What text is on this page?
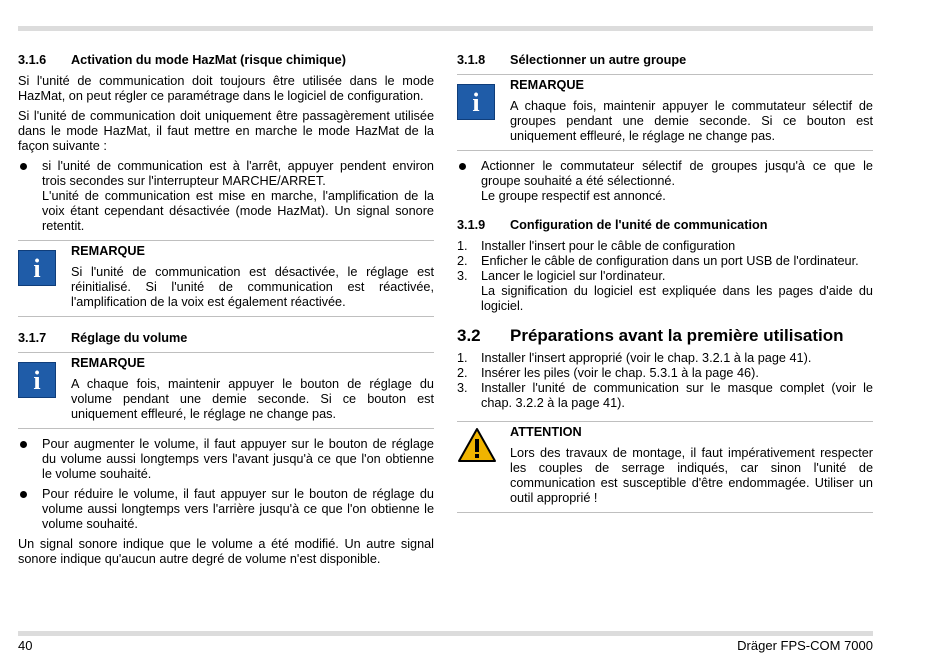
3.1.6	Activation du mode HazMat (risque chimique)

Si l'unité de communication doit toujours être utilisée dans le mode HazMat, on peut régler ce paramétrage dans le logiciel de configuration.

Si l'unité de communication doit uniquement être passagèrement utilisée dans le mode HazMat, il faut mettre en marche le mode HazMat de la façon suivante :

si l'unité de communication est à l'arrêt, appuyer pendent environ trois secondes sur l'interrupteur MARCHE/ARRET.
L'unité de communication est mise en marche, l'amplification de la voix étant cependant désactivée (mode HazMat). Un signal sonore retentit.
i
REMARQUE
Si l'unité de communication est désactivée, le réglage est réinitialisé. Si l'unité de communication est réactivée, l'amplification de la voix est également réactivée.
3.1.7	Réglage du volume
i
REMARQUE
A chaque fois, maintenir appuyer le bouton de réglage du volume pendant une demie seconde. Si ce bouton est uniquement effleuré, le réglage ne change pas.
Pour augmenter le volume, il faut appuyer sur le bouton de réglage du volume aussi longtemps vers l'avant jusqu'à ce que l'on obtienne le volume souhaité.
Pour réduire le volume, il faut appuyer sur le bouton de réglage du volume aussi longtemps vers l'arrière jusqu'à ce que l'on obtienne le volume souhaité.

Un signal sonore indique que le volume a été modifié. Un autre signal sonore indique qu'aucun autre degré de volume n'est disponible.

3.1.8	Sélectionner un autre groupe
i
REMARQUE
A chaque fois, maintenir appuyer le commutateur sélectif de groupes pendant une demie seconde. Si ce bouton est uniquement effleuré, le réglage ne change pas.
Actionner le commutateur sélectif de groupes jusqu'à ce que le groupe souhaité a été sélectionné.
Le groupe respectif est annoncé.
3.1.9	Configuration de l'unité de communication
1.	Installer l'insert pour le câble de configuration
2.	Enficher le câble de configuration dans un port USB de l'ordinateur.
3.	Lancer le logiciel sur l'ordinateur.
La signification du logiciel est expliquée dans les pages d'aide du logiciel.
3.2	Préparations avant la première utilisation
1.	Installer l'insert approprié (voir le chap. 3.2.1 à la page 41).
2.	Insérer les piles (voir le chap. 5.3.1 à la page 46).
3.	Installer l'unité de communication sur le masque complet (voir le chap. 3.2.2 à la page 41).
ATTENTION
Lors des travaux de montage, il faut impérativement respecter les couples de serrage indiqués, car sinon l'unité de communication est susceptible d'être endommagée. Utiliser un outil approprié !
40	Dräger FPS-COM 7000
